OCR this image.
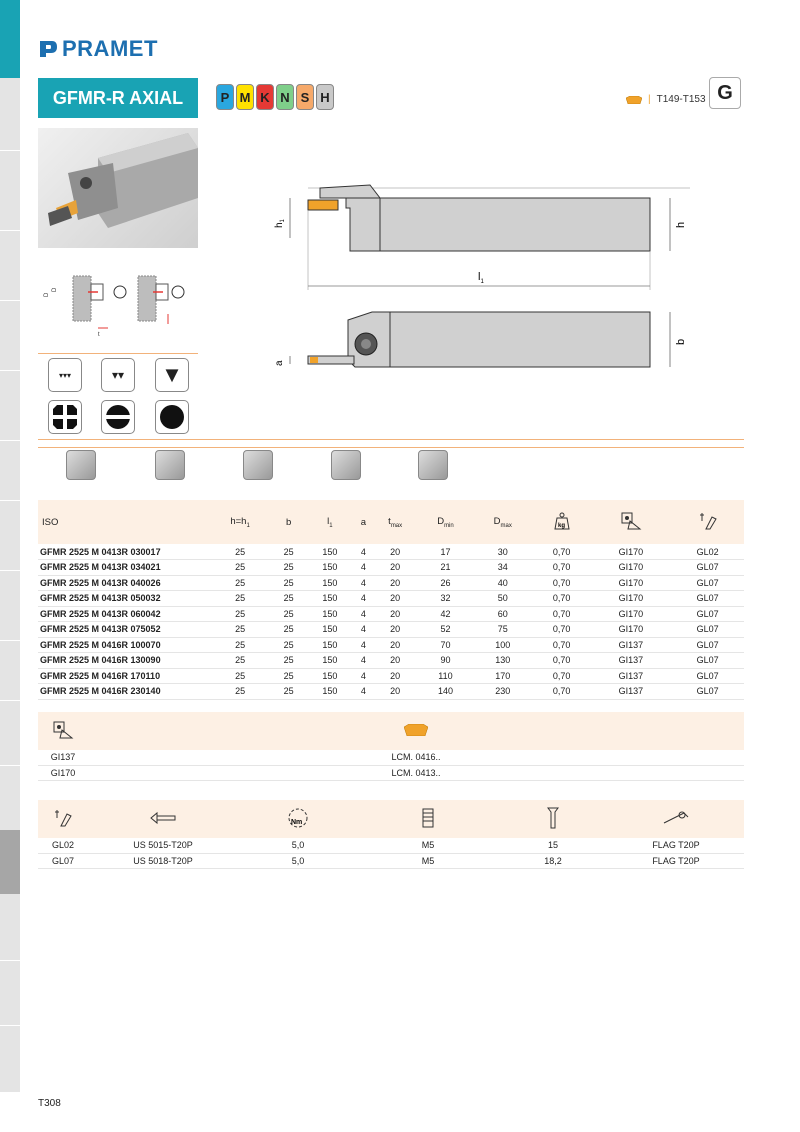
PRAMET
GFMR-R AXIAL	P M K N S H	| T149-T153 G
D
D
t
▾▾▾	▾▾ ▼
$h_1$
h
$l_1$
b
a
ISO	$h=h_1$	b	$l_1$	a	$t_{max}$	$D_{min}$	$D_{max}$	kg

GFMR 2525 M 0413R 030017	25	25	150	4	20	17	30	0,70	GI170	GL02
GFMR 2525 M 0413R 034021	25	25	150	4	20	21	34	0,70	GI170	GL07
GFMR 2525 M 0413R 040026	25	25	150	4	20	26	40	0,70	GI170	GL07
GFMR 2525 M 0413R 050032	25	25	150	4	20	32	50	0,70	GI170	GL07
GFMR 2525 M 0413R 060042	25	25	150	4	20	42	60	0,70	GI170	GL07
GFMR 2525 M 0413R 075052	25	25	150	4	20	52	75	0,70	GI170	GL07
GFMR 2525 M 0416R 100070	25	25	150	4	20	70	100	0,70	GI137	GL07
GFMR 2525 M 0416R 130090	25	25	150	4	20	90	130	0,70	GI137	GL07
GFMR 2525 M 0416R 170110	25	25	150	4	20	110	170	0,70	GI137	GL07
GFMR 2525 M 0416R 230140	25	25	150	4	20	140	230	0,70	GI137	GL07

GI137	LCM. 0416..
GI170	LCM. 0413..

Nm

GL02	US 5015-T20P	5,0	M5	15	FLAG T20P
GL07	US 5018-T20P	5,0	M5	18,2	FLAG T20P
T308
